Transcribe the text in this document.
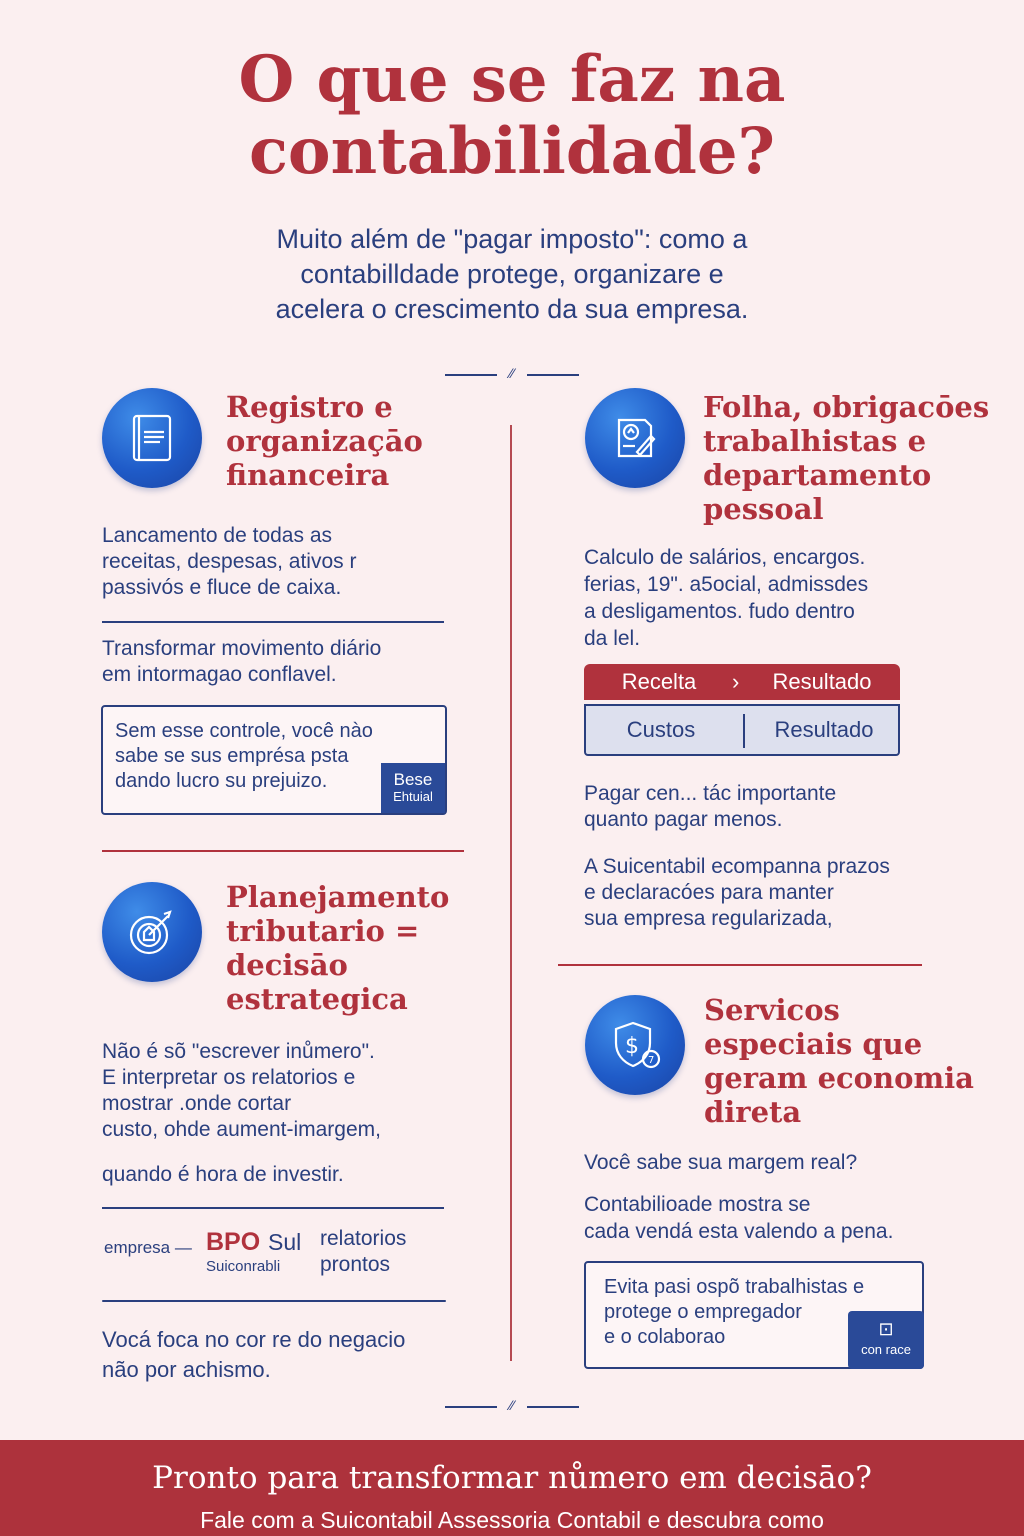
O que se faz na
contabilidade?
Muito além de "pagar imposto": como a
contabilldade protege, organizare e
acelera o crescimento da sua empresa.
⁄⁄
Registro e
organizaçāo
financeira
Lancamento de todas as
receitas, despesas, ativos r
passivós e fluce de caixa.
Transformar movimento diário
em intormagao conflavel.
Sem esse controle, você nào
sabe se sus emprésa psta
dando lucro su prejuizo.	Bese
Ehtuial
Folha, obrigacōes
trabalhistas e
departamento
pessoal
Calculo de salários, encargos.
ferias, 19". a5ocial, admissdes
a desligamentos. fudo dentro
da lel.
Recelta	›	Resultado
Custos	Resultado
Pagar cen... tác importante
quanto pagar menos.
A Suicentabil ecompanna prazos
e declaracóes para manter
sua empresa regularizada,
Planejamento
tributario =
decisāo
estrategica
Não é sõ "escrever inůmero".
E interpretar os relatorios e
mostrar .onde cortar
custo, ohde aument-imargem,
quando é hora de investir.
empresa — BPO Sul
Suiconrabli
relatorios
prontos
Vocá foca no cor re do negacio
não por achismo.
$
7
Servicos
especiais que
geram economia
direta
Você sabe sua margem real?
Contabilioade mostra se
cada vendá esta valendo a pena.
Evita pasi ospõ trabalhistas e
protege o empregador
e o colaborao	⊡
con race
⁄⁄
Pronto para transformar nůmero em decisāo?
Fale com a Suicontabil Assessoria Contabil e descubra como
